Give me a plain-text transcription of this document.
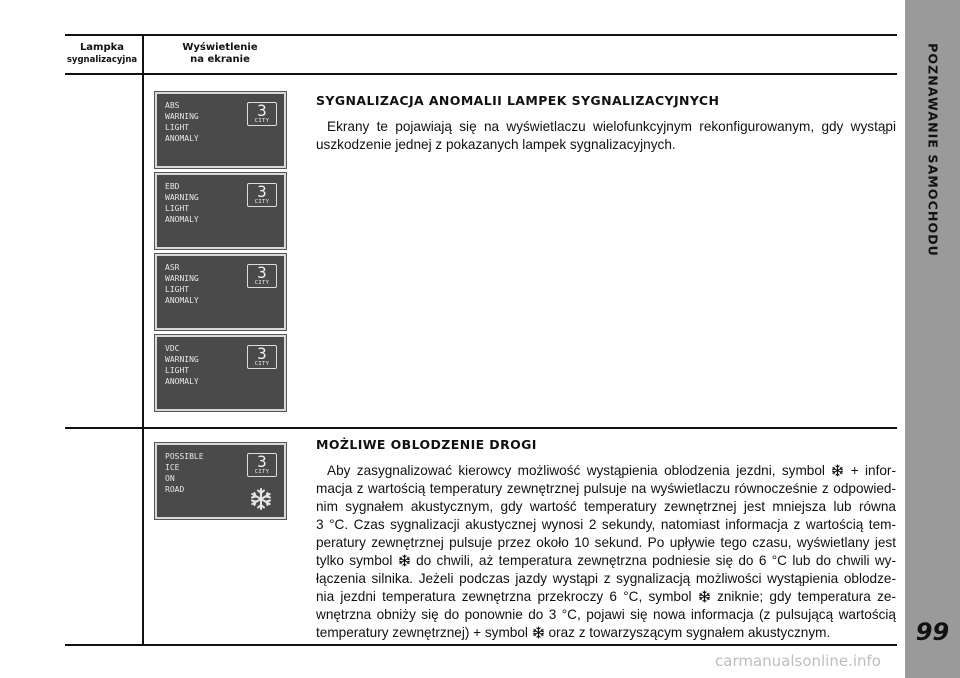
POZNAWANIE SAMOCHODU
99
Lampka
sygnalizacyjna
Wyświetlenie
na ekranie
ABS
WARNING
LIGHT
ANOMALY
3
CITY
EBD
WARNING
LIGHT
ANOMALY
3
CITY
ASR
WARNING
LIGHT
ANOMALY
3
CITY
VDC
WARNING
LIGHT
ANOMALY
3
CITY
POSSIBLE
ICE
ON
ROAD
3
CITY
SYGNALIZACJA ANOMALII LAMPEK SYGNALIZACYJNYCH
Ekrany te pojawiają się na wyświetlaczu wielofunkcyjnym rekonfigurowanym, gdy wystąpi
uszkodzenie jednej z pokazanych lampek sygnalizacyjnych.
MOŻLIWE OBLODZENIE DROGI
Aby zasygnalizować kierowcy możliwość wystąpienia oblodzenia jezdni, symbol + infor-
macja z wartością temperatury zewnętrznej pulsuje na wyświetlaczu równocześnie z odpowied-
nim sygnałem akustycznym, gdy wartość temperatury zewnętrznej jest mniejsza lub równa
3 °C. Czas sygnalizacji akustycznej wynosi 2 sekundy, natomiast informacja z wartością tem-
peratury zewnętrznej pulsuje przez około 10 sekund. Po upływie tego czasu, wyświetlany jest
tylko symbol do chwili, aż temperatura zewnętrzna podniesie się do 6 °C lub do chwili wy-
łączenia silnika. Jeżeli podczas jazdy wystąpi z sygnalizacją możliwości wystąpienia oblodze-
nia jezdni temperatura zewnętrzna przekroczy 6 °C, symbol zniknie; gdy temperatura ze-
wnętrzna obniży się do ponownie do 3 °C, pojawi się nowa informacja (z pulsującą wartością
temperatury zewnętrznej) + symbol oraz z towarzyszącym sygnałem akustycznym.
carmanualsonline.info
